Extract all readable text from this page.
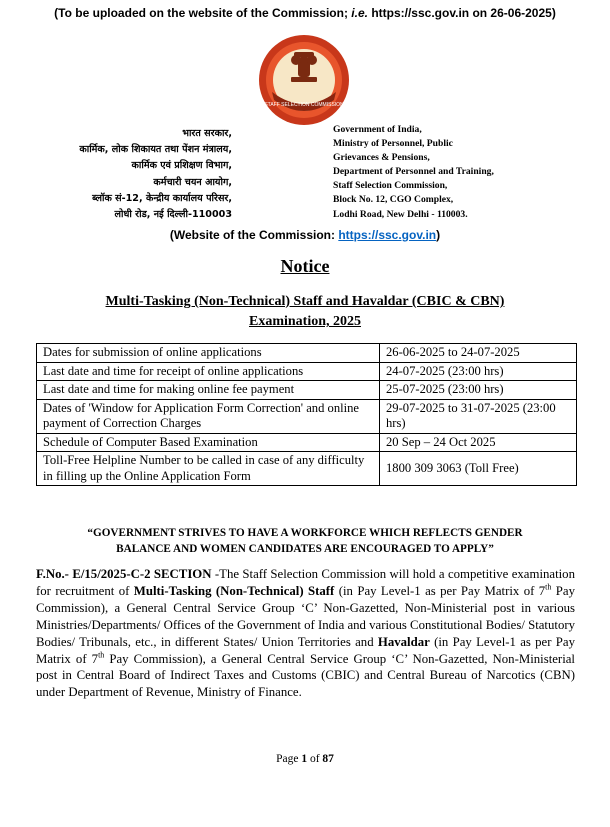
(To be uploaded on the website of the Commission; i.e. https://ssc.gov.in on 26-06-2025)
STAFF SELECTION COMMISSION
भारत सरकार,
कार्मिक, लोक शिकायत तथा पेंशन मंत्रालय,
कार्मिक एवं प्रशिक्षण विभाग,
कर्मचारी चयन आयोग,
ब्लॉक सं-12, केन्द्रीय कार्यालय परिसर,
लोधी रोड, नई दिल्ली-110003
Government of India,
Ministry of Personnel, Public
Grievances & Pensions,
Department of Personnel and Training,
Staff Selection Commission,
Block No. 12, CGO Complex,
Lodhi Road, New Delhi - 110003.
(Website of the Commission: https://ssc.gov.in)
Notice
Multi-Tasking (Non-Technical) Staff and Havaldar (CBIC & CBN)
Examination, 2025
Dates for submission of online applications	26-06-2025 to 24-07-2025
Last date and time for receipt of online applications	24-07-2025 (23:00 hrs)
Last date and time for making online fee payment	25-07-2025 (23:00 hrs)
Dates of 'Window for Application Form Correction' and online payment of Correction Charges	29-07-2025 to 31-07-2025 (23:00 hrs)
Schedule of Computer Based Examination	20 Sep – 24 Oct 2025
Toll-Free Helpline Number to be called in case of any difficulty in filling up the Online Application Form	1800 309 3063 (Toll Free)
“GOVERNMENT STRIVES TO HAVE A WORKFORCE WHICH REFLECTS GENDER
BALANCE AND WOMEN CANDIDATES ARE ENCOURAGED TO APPLY”
F.No.- E/15/2025-C-2 SECTION -The Staff Selection Commission will hold a competitive examination for recruitment of Multi-Tasking (Non-Technical) Staff (in Pay Level-1 as per Pay Matrix of 7th Pay Commission), a General Central Service Group ‘C’ Non-Gazetted, Non-Ministerial post in various Ministries/Departments/ Offices of the Government of India and various Constitutional Bodies/ Statutory Bodies/ Tribunals, etc., in different States/ Union Territories and Havaldar (in Pay Level-1 as per Pay Matrix of 7th Pay Commission), a General Central Service Group ‘C’ Non-Gazetted, Non-Ministerial post in Central Board of Indirect Taxes and Customs (CBIC) and Central Bureau of Narcotics (CBN) under Department of Revenue, Ministry of Finance.
Page 1 of 87
